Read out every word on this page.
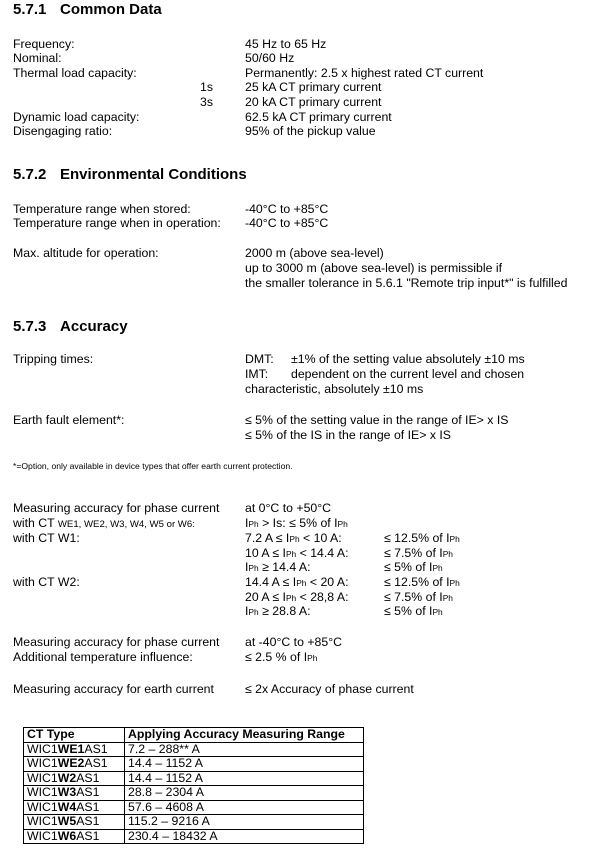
5.7.1 Common Data
Frequency:	45 Hz to 65 Hz
Nominal:	50/60 Hz
Thermal load capacity:	Permanently: 2.5 x highest rated CT current
1s	25 kA CT primary current
3s	20 kA CT primary current
Dynamic load capacity:	62.5 kA CT primary current
Disengaging ratio:	95% of the pickup value
5.7.2 Environmental Conditions
Temperature range when stored:	-40°C to +85°C
Temperature range when in operation: -40°C to +85°C
Max. altitude for operation:	2000 m (above sea-level)
up to 3000 m (above sea-level) is permissible if
the smaller tolerance in 5.6.1 "Remote trip input*" is fulfilled
5.7.3 Accuracy
Tripping times:	DMT: ±1% of the setting value absolutely ±10 ms
IMT: dependent on the current level and chosen
characteristic, absolutely ±10 ms
Earth fault element*:	≤ 5% of the setting value in the range of IE> x IS
≤ 5% of the IS in the range of IE> x IS
*=Option, only available in device types that offer earth current protection.
Measuring accuracy for phase current at 0°C to +50°C
with CT WE1, WE2, W3, W4, W5 or W6:	IPh > Is: ≤ 5% of IPh
with CT W1:	7.2 A ≤ IPh < 10 A:	≤ 12.5% of IPh
10 A ≤ IPh < 14.4 A:	≤ 7.5% of IPh
IPh ≥ 14.4 A:	≤ 5% of IPh
with CT W2:	14.4 A ≤ IPh < 20 A:	≤ 12.5% of IPh
20 A ≤ IPh < 28,8 A:	≤ 7.5% of IPh
IPh ≥ 28.8 A:	≤ 5% of IPh
Measuring accuracy for phase current at -40°C to +85°C
Additional temperature influence:	≤ 2.5 % of IPh
Measuring accuracy for earth current	≤ 2x Accuracy of phase current
CT Type	Applying Accuracy Measuring Range
WIC1WE1AS1	7.2 – 288** A
WIC1WE2AS1	14.4 – 1152 A
WIC1W2AS1	14.4 – 1152 A
WIC1W3AS1	28.8 – 2304 A
WIC1W4AS1	57.6 – 4608 A
WIC1W5AS1	115.2 – 9216 A
WIC1W6AS1	230.4 – 18432 A
